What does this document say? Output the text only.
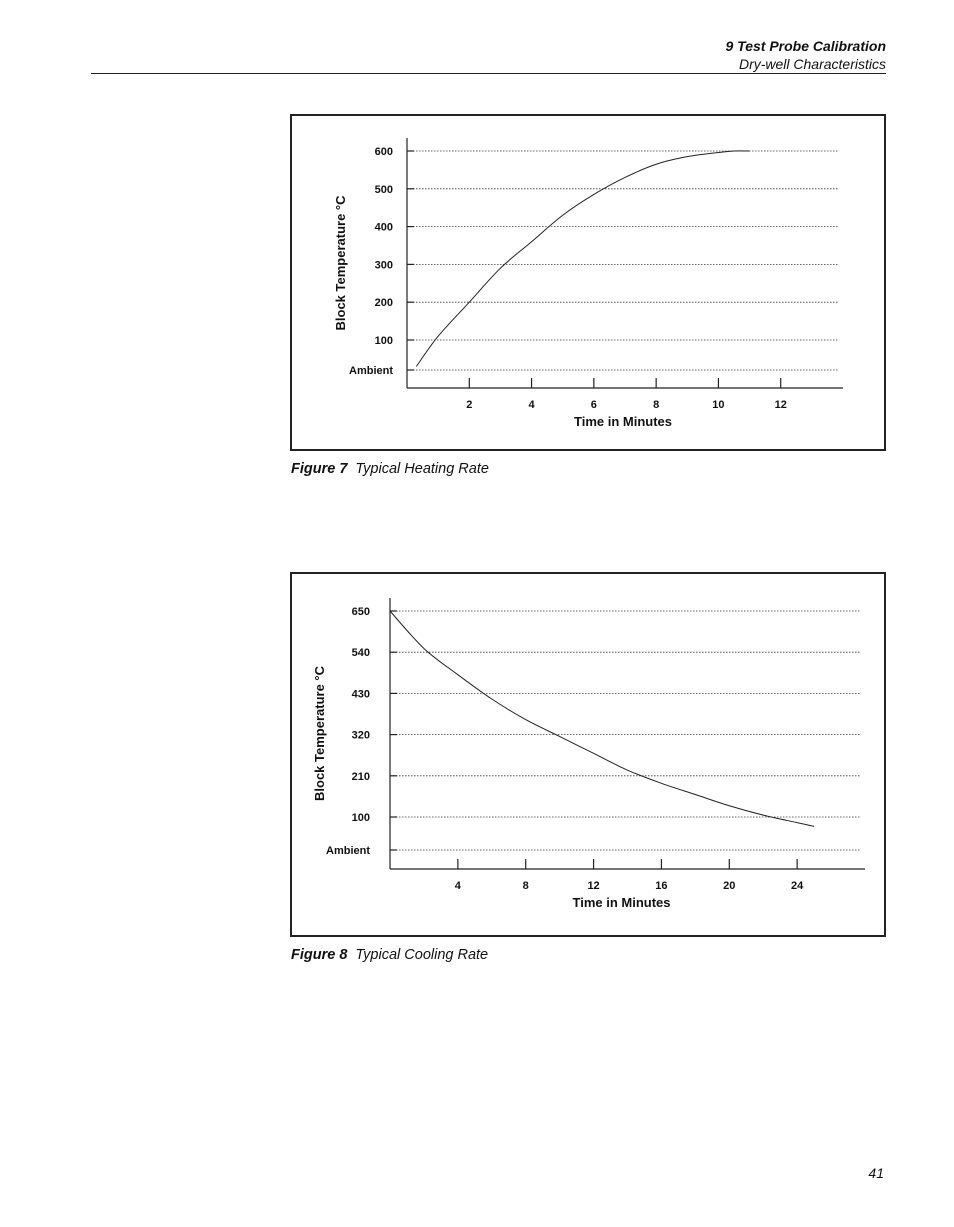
9 Test Probe Calibration
Dry-well Characteristics
Ambient
100
200
300
400
500
600
2	4	6	8	10	12
Time in Minutes
Block Temperature °C
Figure 7 Typical Heating Rate
Ambient
100
210
320
430
540
650
4	8	12	16	20	24
Time in Minutes
Block Temperature °C
Figure 8 Typical Cooling Rate
41
